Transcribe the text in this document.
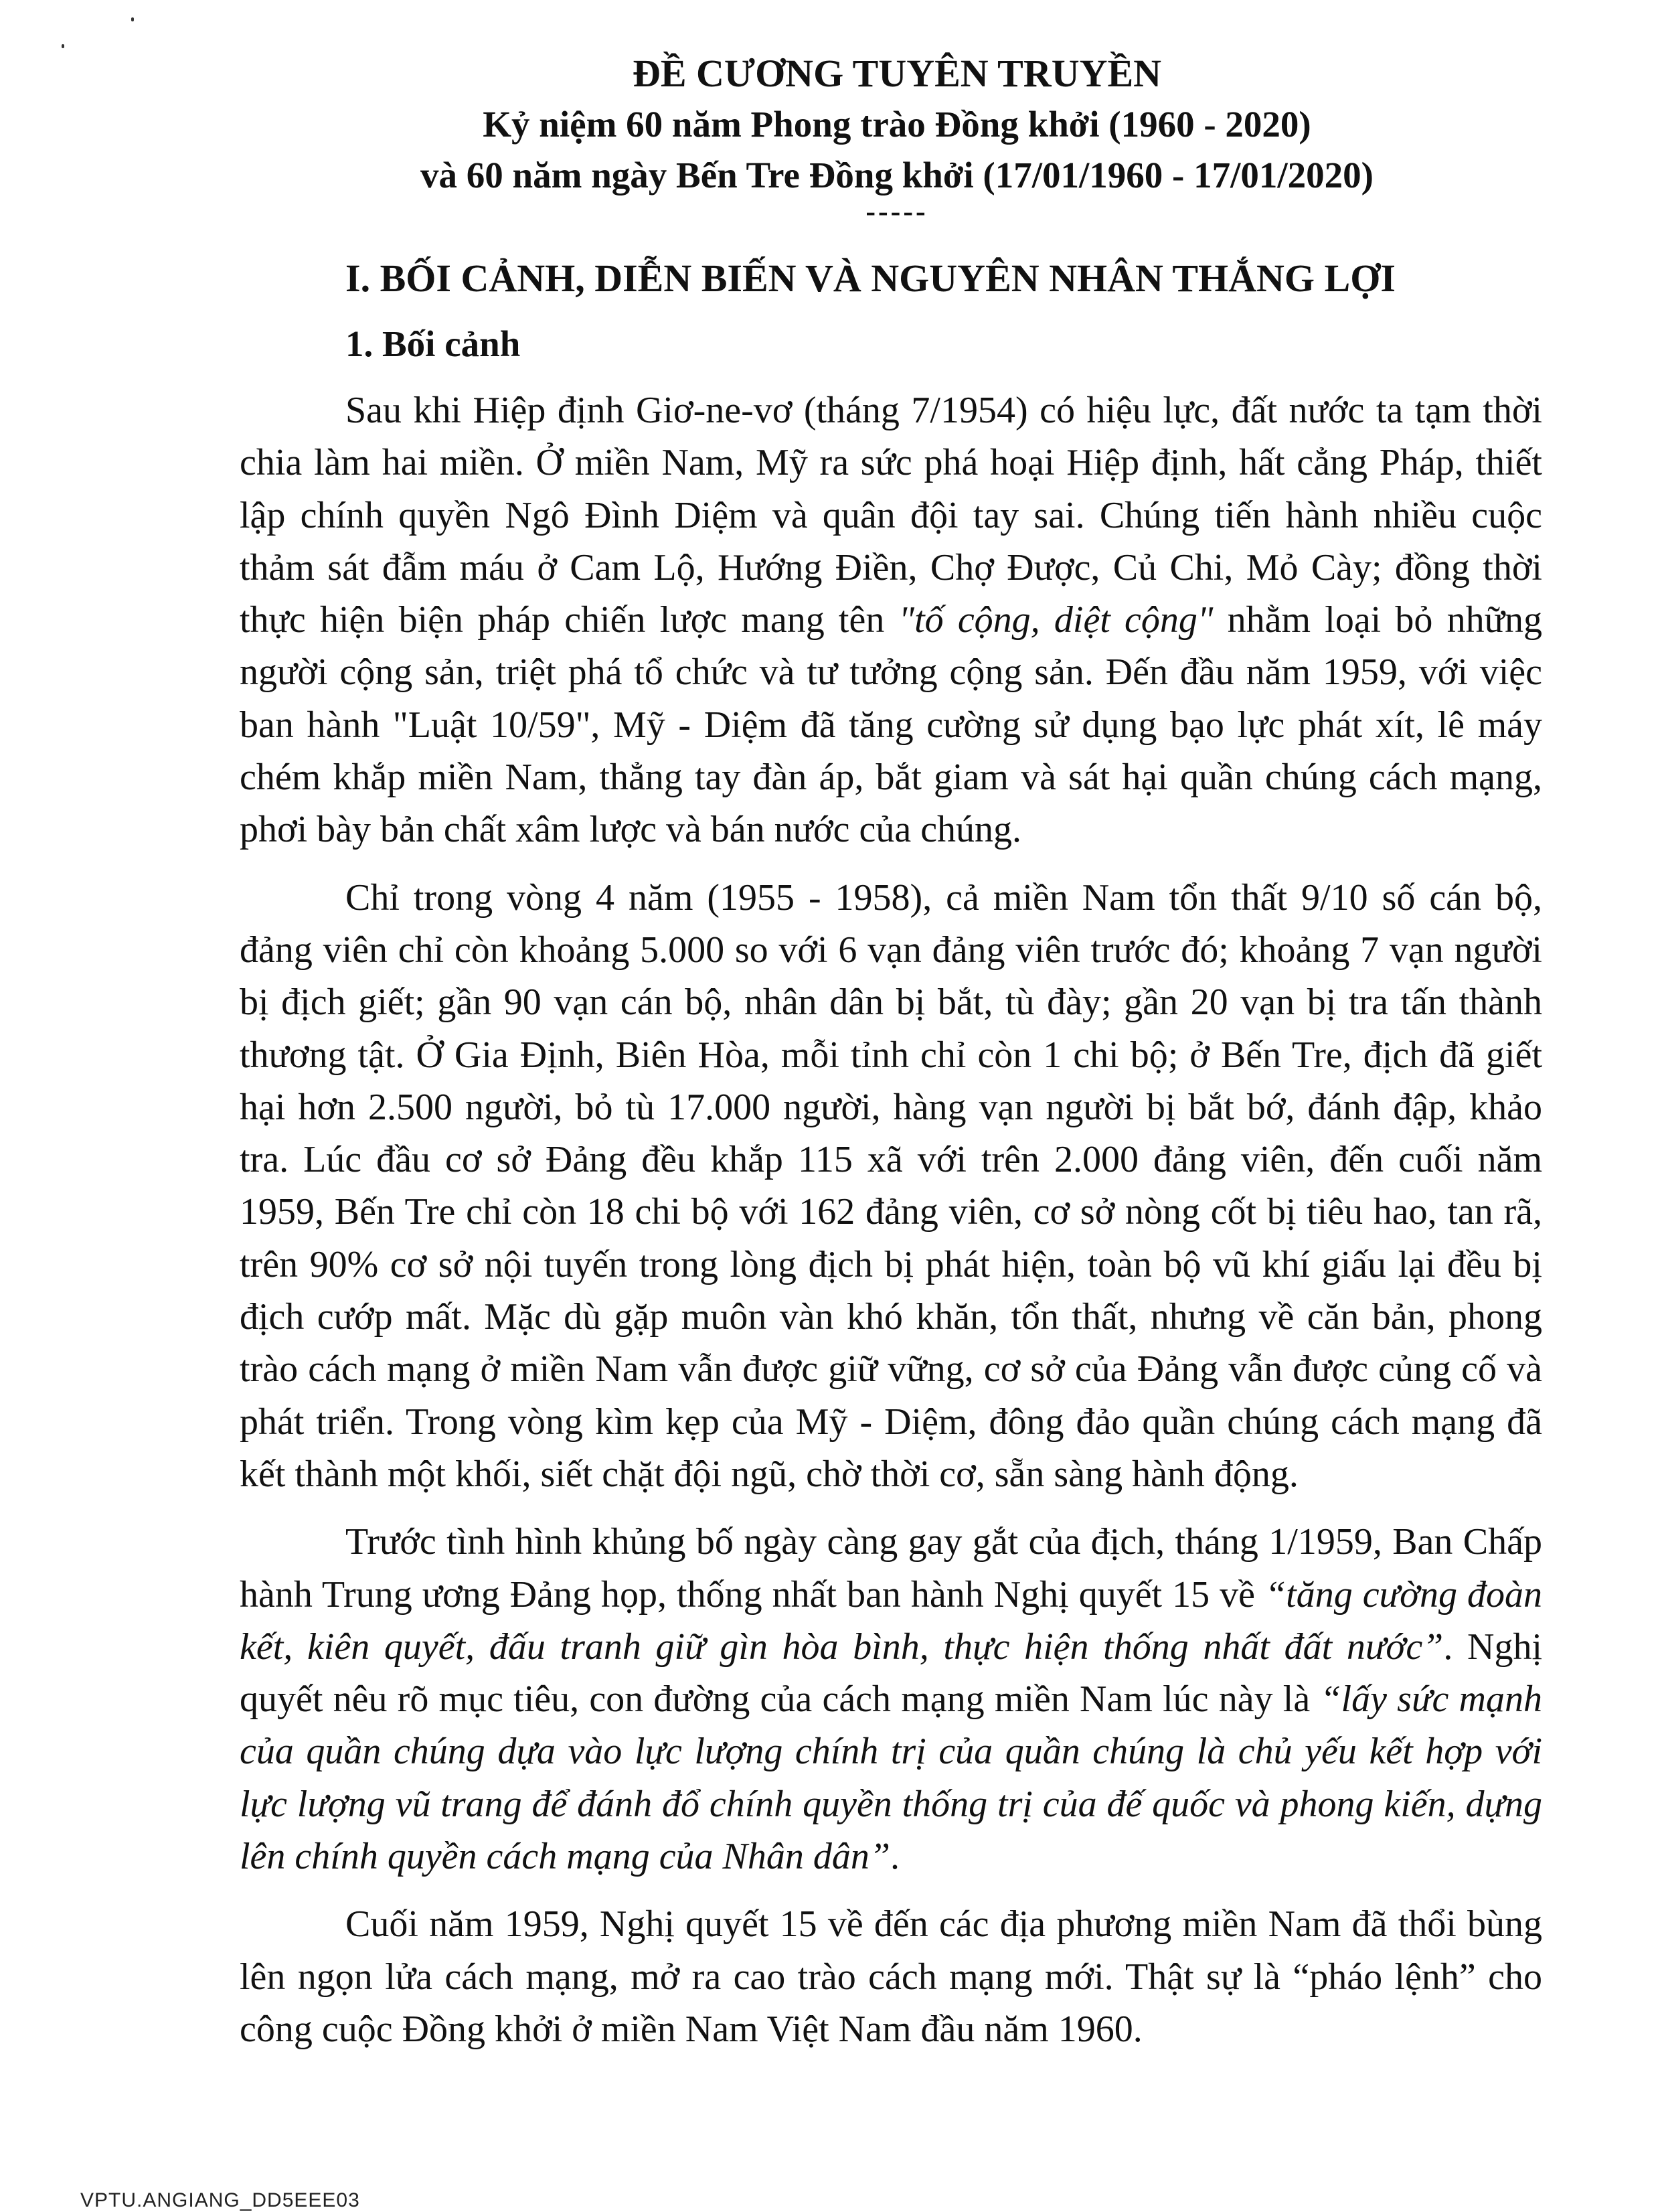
ĐỀ CƯƠNG TUYÊN TRUYỀN
Kỷ niệm 60 năm Phong trào Đồng khởi (1960 - 2020)
và 60 năm ngày Bến Tre Đồng khởi (17/01/1960 - 17/01/2020)
-----
I. BỐI CẢNH, DIỄN BIẾN VÀ NGUYÊN NHÂN THẮNG LỢI
1. Bối cảnh

Sau khi Hiệp định Giơ-ne-vơ (tháng 7/1954) có hiệu lực, đất nước ta tạm thời chia làm hai miền. Ở miền Nam, Mỹ ra sức phá hoại Hiệp định, hất cẳng Pháp, thiết lập chính quyền Ngô Đình Diệm và quân đội tay sai. Chúng tiến hành nhiều cuộc thảm sát đẫm máu ở Cam Lộ, Hướng Điền, Chợ Được, Củ Chi, Mỏ Cày; đồng thời thực hiện biện pháp chiến lược mang tên "tố cộng, diệt cộng" nhằm loại bỏ những người cộng sản, triệt phá tổ chức và tư tưởng cộng sản. Đến đầu năm 1959, với việc ban hành "Luật 10/59", Mỹ - Diệm đã tăng cường sử dụng bạo lực phát xít, lê máy chém khắp miền Nam, thẳng tay đàn áp, bắt giam và sát hại quần chúng cách mạng, phơi bày bản chất xâm lược và bán nước của chúng.

Chỉ trong vòng 4 năm (1955 - 1958), cả miền Nam tổn thất 9/10 số cán bộ, đảng viên chỉ còn khoảng 5.000 so với 6 vạn đảng viên trước đó; khoảng 7 vạn người bị địch giết; gần 90 vạn cán bộ, nhân dân bị bắt, tù đày; gần 20 vạn bị tra tấn thành thương tật. Ở Gia Định, Biên Hòa, mỗi tỉnh chỉ còn 1 chi bộ; ở Bến Tre, địch đã giết hại hơn 2.500 người, bỏ tù 17.000 người, hàng vạn người bị bắt bớ, đánh đập, khảo tra. Lúc đầu cơ sở Đảng đều khắp 115 xã với trên 2.000 đảng viên, đến cuối năm 1959, Bến Tre chỉ còn 18 chi bộ với 162 đảng viên, cơ sở nòng cốt bị tiêu hao, tan rã, trên 90% cơ sở nội tuyến trong lòng địch bị phát hiện, toàn bộ vũ khí giấu lại đều bị địch cướp mất. Mặc dù gặp muôn vàn khó khăn, tổn thất, nhưng về căn bản, phong trào cách mạng ở miền Nam vẫn được giữ vững, cơ sở của Đảng vẫn được củng cố và phát triển. Trong vòng kìm kẹp của Mỹ - Diệm, đông đảo quần chúng cách mạng đã kết thành một khối, siết chặt đội ngũ, chờ thời cơ, sẵn sàng hành động.

Trước tình hình khủng bố ngày càng gay gắt của địch, tháng 1/1959, Ban Chấp hành Trung ương Đảng họp, thống nhất ban hành Nghị quyết 15 về “tăng cường đoàn kết, kiên quyết, đấu tranh giữ gìn hòa bình, thực hiện thống nhất đất nước”. Nghị quyết nêu rõ mục tiêu, con đường của cách mạng miền Nam lúc này là “lấy sức mạnh của quần chúng dựa vào lực lượng chính trị của quần chúng là chủ yếu kết hợp với lực lượng vũ trang để đánh đổ chính quyền thống trị của đế quốc và phong kiến, dựng lên chính quyền cách mạng của Nhân dân”.

Cuối năm 1959, Nghị quyết 15 về đến các địa phương miền Nam đã thổi bùng lên ngọn lửa cách mạng, mở ra cao trào cách mạng mới. Thật sự là “pháo lệnh” cho công cuộc Đồng khởi ở miền Nam Việt Nam đầu năm 1960.

VPTU.ANGIANG_DD5EEE03
